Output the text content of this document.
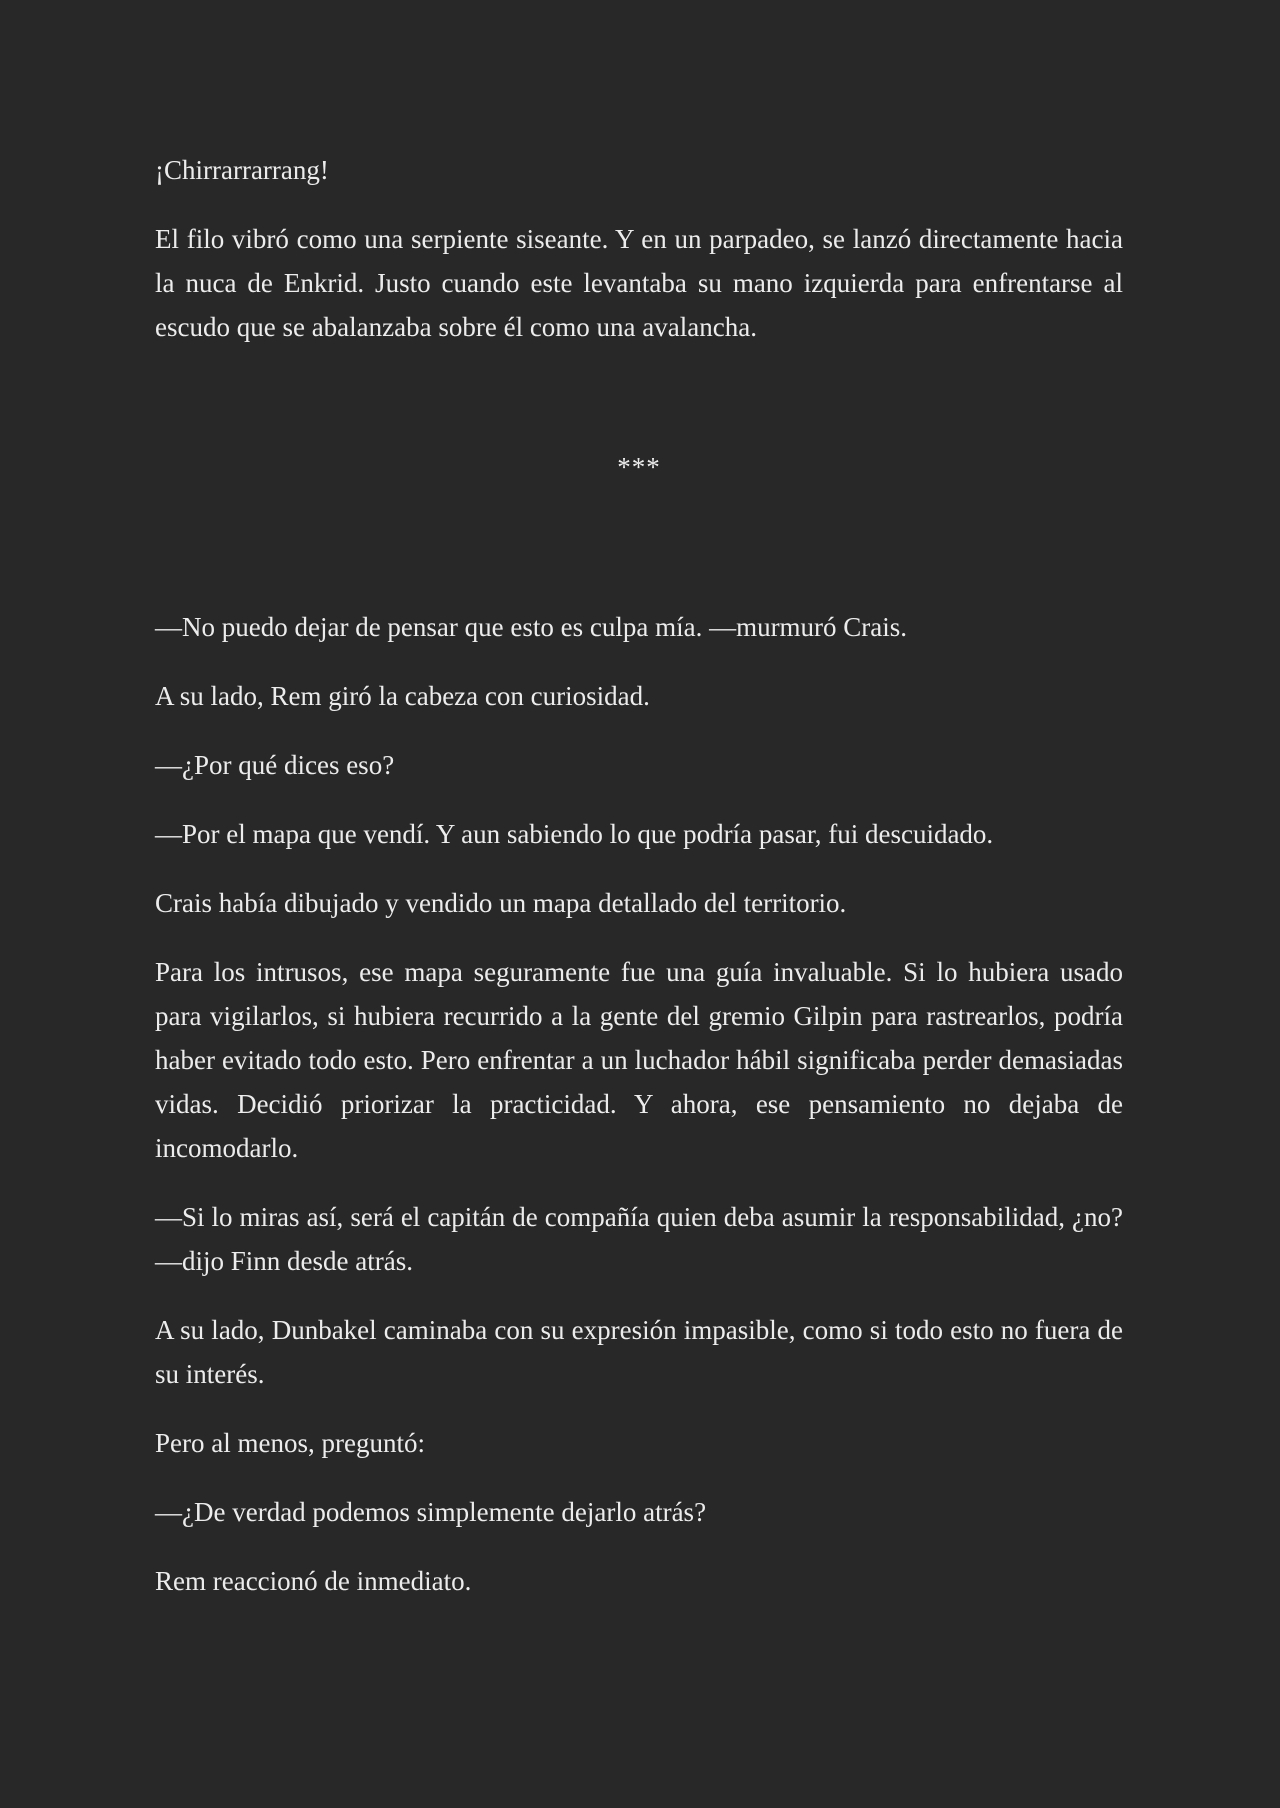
¡Chirrarrarrang!

El filo vibró como una serpiente siseante. Y en un parpadeo, se lanzó directamente hacia la nuca de Enkrid. Justo cuando este levantaba su mano izquierda para enfrentarse al escudo que se abalanzaba sobre él como una avalancha.

***

—No puedo dejar de pensar que esto es culpa mía. —murmuró Crais.

A su lado, Rem giró la cabeza con curiosidad.

—¿Por qué dices eso?

—Por el mapa que vendí. Y aun sabiendo lo que podría pasar, fui descuidado.

Crais había dibujado y vendido un mapa detallado del territorio.

Para los intrusos, ese mapa seguramente fue una guía invaluable. Si lo hubiera usado para vigilarlos, si hubiera recurrido a la gente del gremio Gilpin para rastrearlos, podría haber evitado todo esto. Pero enfrentar a un luchador hábil significaba perder demasiadas vidas. Decidió priorizar la practicidad. Y ahora, ese pensamiento no dejaba de incomodarlo.

—Si lo miras así, será el capitán de compañía quien deba asumir la responsabilidad, ¿no? —dijo Finn desde atrás.

A su lado, Dunbakel caminaba con su expresión impasible, como si todo esto no fuera de su interés.

Pero al menos, preguntó:

—¿De verdad podemos simplemente dejarlo atrás?

Rem reaccionó de inmediato.
